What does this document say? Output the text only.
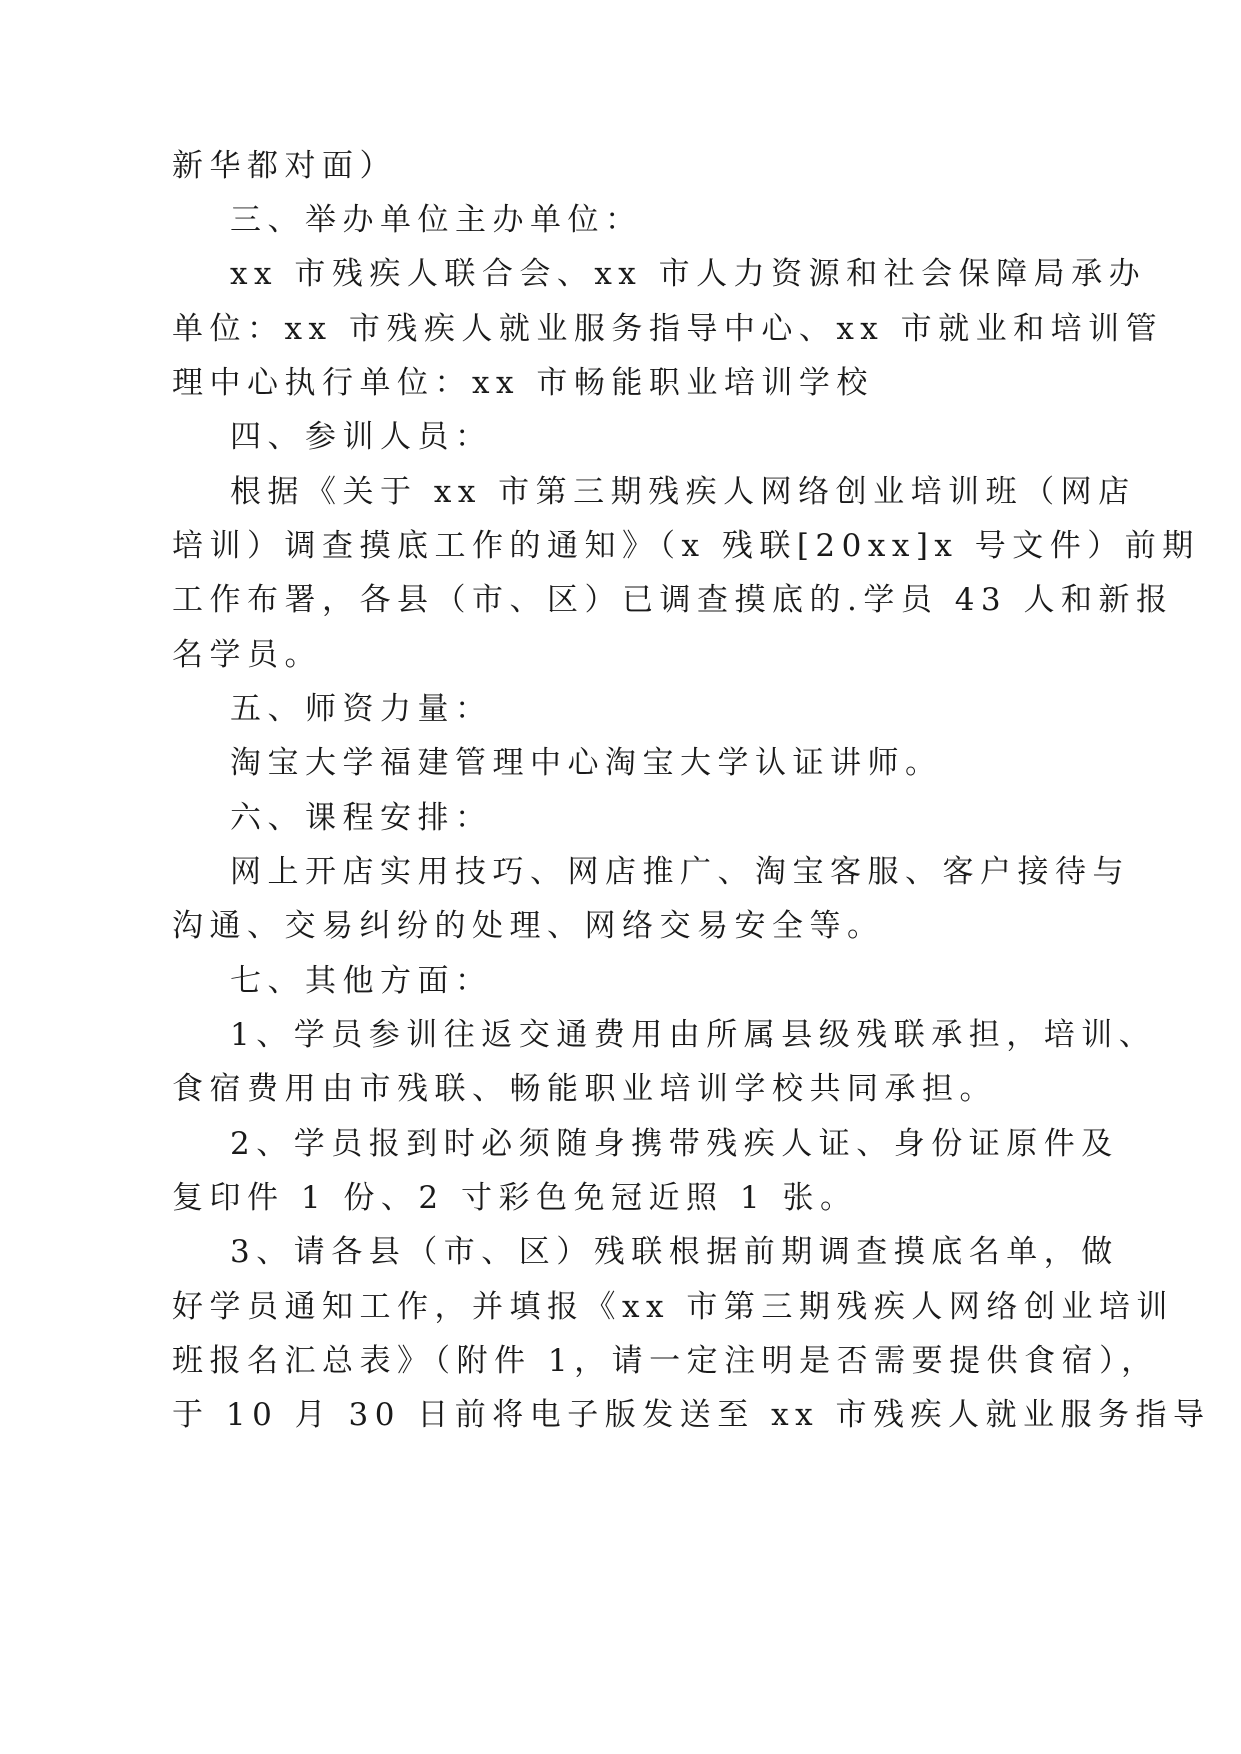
新华都对面）
三、举办单位主办单位：
xx 市残疾人联合会、xx 市人力资源和社会保障局承办
单位：xx 市残疾人就业服务指导中心、xx 市就业和培训管
理中心执行单位：xx 市畅能职业培训学校
四、参训人员：
根据《关于 xx 市第三期残疾人网络创业培训班（网店
培训）调查摸底工作的通知》（x 残联[20xx]x 号文件）前期
工作布署，各县（市、区）已调查摸底的.学员 43 人和新报
名学员。
五、师资力量：
淘宝大学福建管理中心淘宝大学认证讲师。
六、课程安排：
网上开店实用技巧、网店推广、淘宝客服、客户接待与
沟通、交易纠纷的处理、网络交易安全等。
七、其他方面：
1、学员参训往返交通费用由所属县级残联承担，培训、
食宿费用由市残联、畅能职业培训学校共同承担。
2、学员报到时必须随身携带残疾人证、身份证原件及
复印件 1 份、2 寸彩色免冠近照 1 张。
3、请各县（市、区）残联根据前期调查摸底名单，做
好学员通知工作，并填报《xx 市第三期残疾人网络创业培训
班报名汇总表》（附件 1，请一定注明是否需要提供食宿），
于 10 月 30 日前将电子版发送至 xx 市残疾人就业服务指导
